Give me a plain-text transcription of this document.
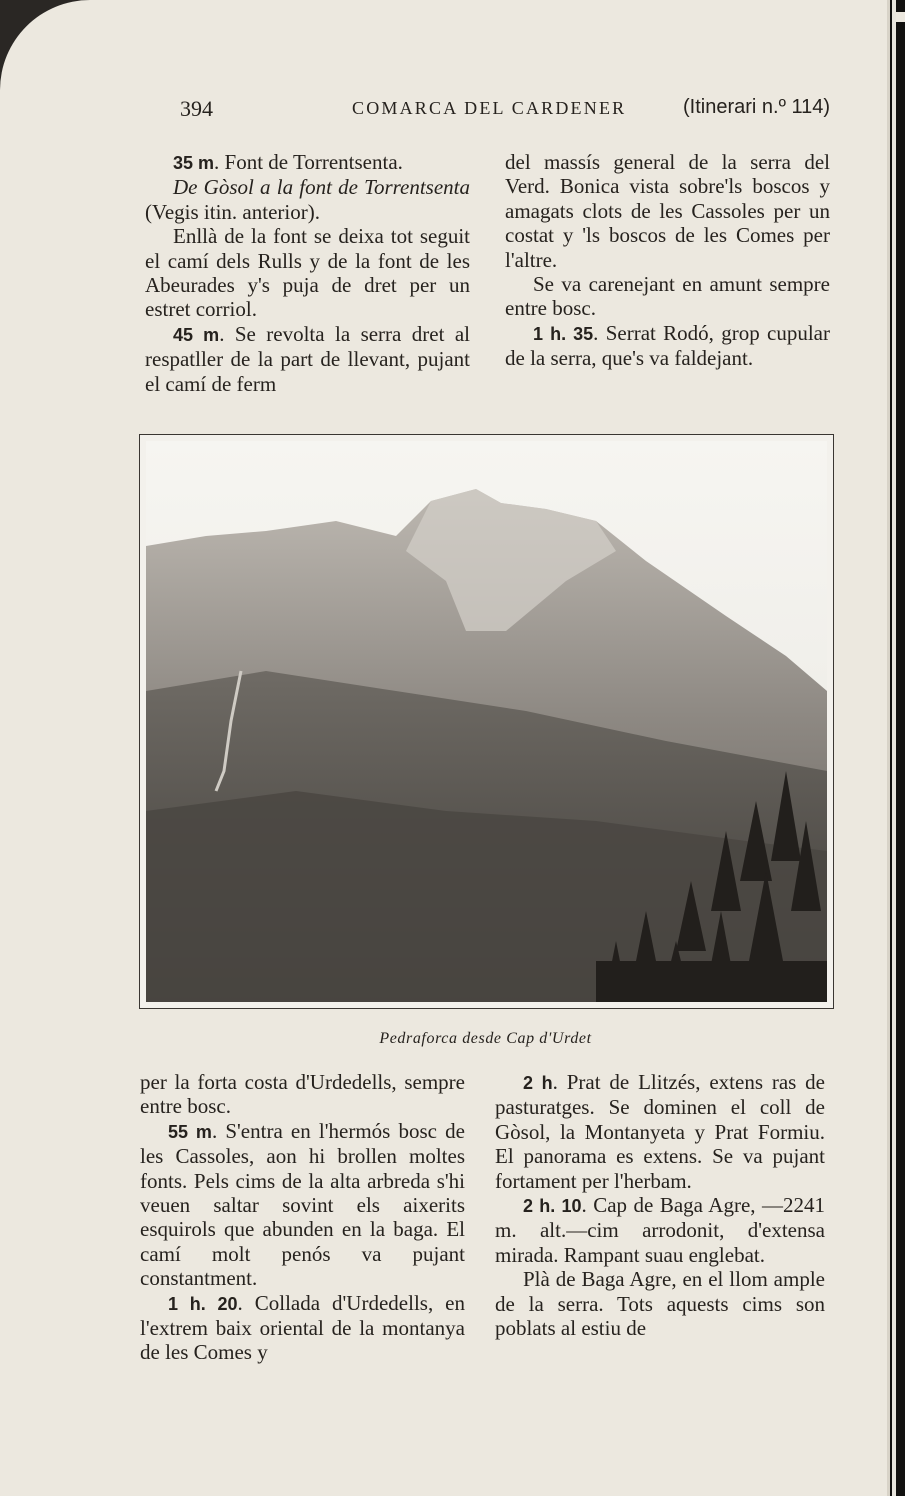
394	COMARCA DEL CARDENER	(Itinerari n.º 114)

35 m. Font de Torrentsenta.

De Gòsol a la font de Torrentsenta (Vegis itin. anterior).

Enllà de la font se deixa tot seguit el camí dels Rulls y de la font de les Abeurades y's puja de dret per un estret corriol.

45 m. Se revolta la serra dret al respatller de la part de llevant, pujant el camí de ferm

del massís general de la serra del Verd. Bonica vista sobre'ls boscos y amagats clots de les Cassoles per un costat y 'ls boscos de les Comes per l'altre.

Se va carenejant en amunt sempre entre bosc.

1 h. 35. Serrat Rodó, grop cupular de la serra, que's va faldejant.

Pedraforca desde Cap d'Urdet

per la forta costa d'Urdedells, sempre entre bosc.

55 m. S'entra en l'hermós bosc de les Cassoles, aon hi brollen moltes fonts. Pels cims de la alta arbreda s'hi veuen saltar sovint els aixerits esquirols que abunden en la baga. El camí molt penós va pujant constantment.

1 h. 20. Collada d'Urdedells, en l'extrem baix oriental de la montanya de les Comes y

2 h. Prat de Llitzés, extens ras de pasturatges. Se dominen el coll de Gòsol, la Montanyeta y Prat Formiu. El panorama es extens. Se va pujant fortament per l'herbam.

2 h. 10. Cap de Baga Agre, —2241 m. alt.—cim arrodonit, d'extensa mirada. Rampant suau englebat.

Plà de Baga Agre, en el llom ample de la serra. Tots aquests cims son poblats al estiu de
